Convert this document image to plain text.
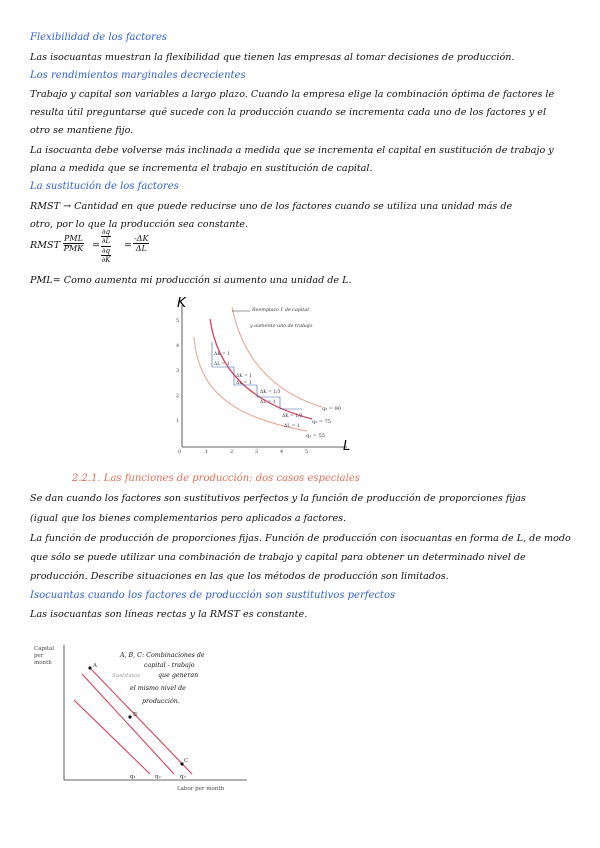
Flexibilidad de los factores
Las isocuantas muestran la flexibilidad que tienen las empresas al tomar decisiones de producción.
Los rendimientos marginales decrecientes
Trabajo y capital son variables a largo plazo. Cuando la empresa elige la combinación óptima de factores le
resulta útil preguntarse qué sucede con la producción cuando se incrementa cada uno de los factores y el
otro se mantiene fijo.
La isocuanta debe volverse más inclinada a medida que se incrementa el capital en sustitución de trabajo y
plana a medida que se incrementa el trabajo en sustitución de capital.
La sustitución de los factores
RMST → Cantidad en que puede reducirse uno de los factores cuando se utiliza una unidad más de
otro, por lo que la producción sea constante.
RMST =
PML
PMK =
∂q
∂L
∂q
∂K
= $\frac{-\Delta K}{\Delta L}$
PML= Como aumenta mi producción si aumento una unidad de L.
K
L
0	1	2	3	4	5
1
2
3
4
5
ΔK = 1
ΔL = 1
ΔK = 1
ΔL = 1
ΔK = 1/3
ΔL = 1
ΔK = 1/3
ΔL = 1
q₃ = 90
q₂ = 75
q₁ = 55
Reemplazo 1 de capital
y aumento uno de trabajo
2.2.1. Las funciones de producción: dos casos especiales
Se dan cuando los factores son sustitutivos perfectos y la función de producción de proporciones fijas
(igual que los bienes complementarios pero aplicados a factores.
La función de producción de proporciones fijas. Función de producción con isocuantas en forma de L, de modo
que sólo se puede utilizar una combinación de trabajo y capital para obtener un determinado nivel de
producción. Describe situaciones en las que los métodos de producción son limitados.
Isocuantas cuando los factores de producción son sustitutivos perfectos
Las isocuantas son líneas rectas y la RMST es constante.
Capital
per
month
Labor per month
A
B
C
q₁	q₂	q₃
A, B, C: Combinaciones de
capital - trabajo
Sustitutos	que generan
el mismo nivel de
producción.
